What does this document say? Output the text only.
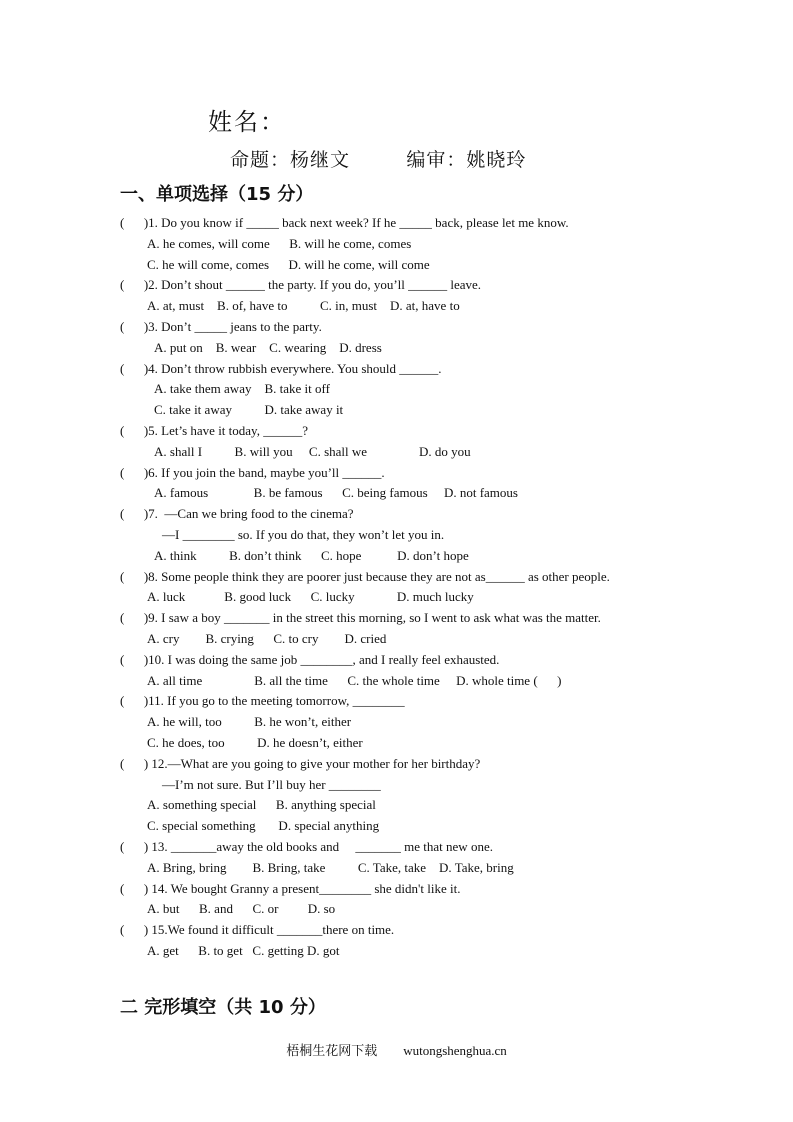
姓名：
命题：杨继文        编审：姚晓玲
一、单项选择（15 分）
(      )1. Do you know if _____ back next week? If he _____ back, please let me know.
A. he comes, will come      B. will he come, comes
C. he will come, comes      D. will he come, will come
(      )2. Don’t shout ______ the party. If you do, you’ll ______ leave.
A. at, must    B. of, have to          C. in, must    D. at, have to
(      )3. Don’t _____ jeans to the party.
A. put on    B. wear    C. wearing    D. dress
(      )4. Don’t throw rubbish everywhere. You should ______.
A. take them away    B. take it off
C. take it away          D. take away it
(      )5. Let’s have it today, ______?
A. shall I          B. will you     C. shall we                D. do you
(      )6. If you join the band, maybe you’ll ______.
A. famous              B. be famous      C. being famous     D. not famous
(      )7.  —Can we bring food to the cinema?
—I ________ so. If you do that, they won’t let you in.
A. think          B. don’t think      C. hope           D. don’t hope
(      )8. Some people think they are poorer just because they are not as______ as other people.
A. luck            B. good luck      C. lucky             D. much lucky
(      )9. I saw a boy _______ in the street this morning, so I went to ask what was the matter.
A. cry        B. crying      C. to cry        D. cried
(      )10. I was doing the same job ________, and I really feel exhausted.
A. all time                B. all the time      C. the whole time     D. whole time (      )
(      )11. If you go to the meeting tomorrow, ________
A. he will, too          B. he won’t, either
C. he does, too          D. he doesn’t, either
(      ) 12.—What are you going to give your mother for her birthday?
—I’m not sure. But I’ll buy her ________
A. something special      B. anything special
C. special something       D. special anything
(      ) 13. _______away the old books and     _______ me that new one.
A. Bring, bring        B. Bring, take          C. Take, take    D. Take, bring
(      ) 14. We bought Granny a present________ she didn't like it.
A. but      B. and      C. or         D. so
(      ) 15.We found it difficult _______there on time.
A. get      B. to get   C. getting D. got
二 完形填空（共 10 分）
梧桐生花网下载        wutongshenghua.cn
